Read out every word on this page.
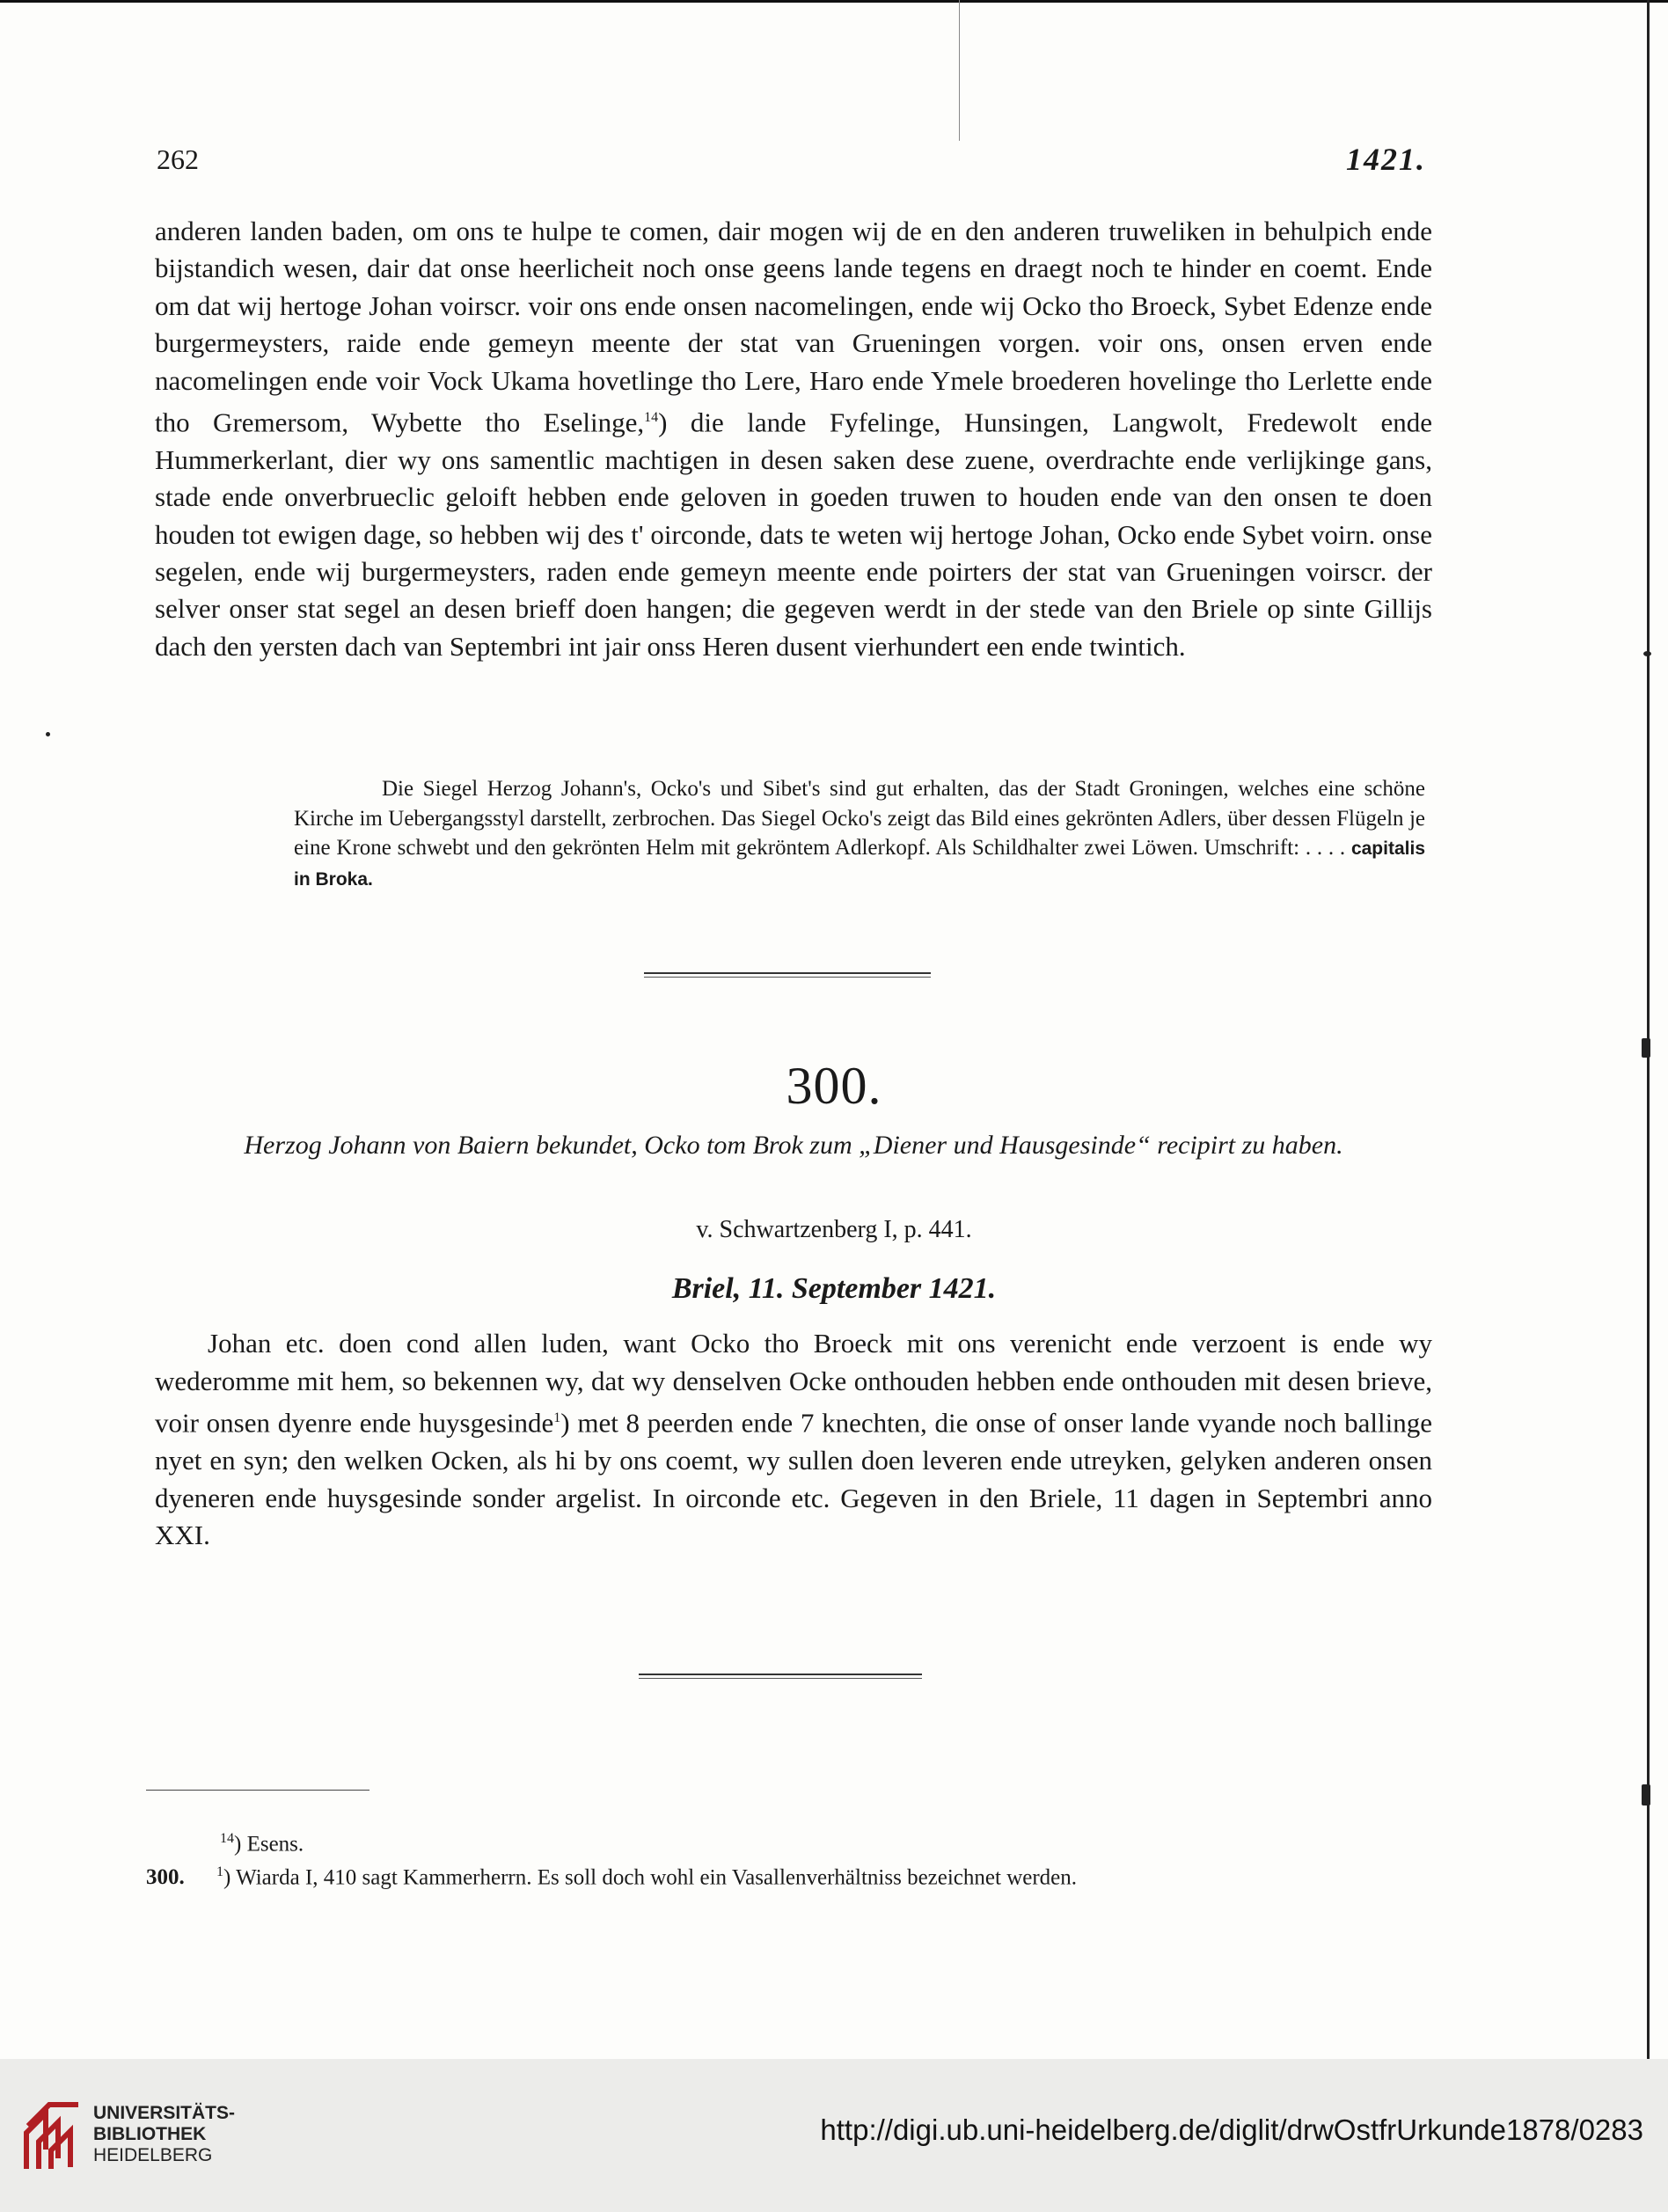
262	1421.

anderen landen baden, om ons te hulpe te comen, dair mogen wij de en den anderen truweliken in behulpich ende bijstandich wesen, dair dat onse heerlicheit noch onse geens lande tegens en draegt noch te hinder en coemt. Ende om dat wij hertoge Johan voirscr. voir ons ende onsen nacomelingen, ende wij Ocko tho Broeck, Sybet Edenze ende burgermeysters, raide ende gemeyn meente der stat van Grueningen vorgen. voir ons, onsen erven ende nacomelingen ende voir Vock Ukama hovetlinge tho Lere, Haro ende Ymele broederen hovelinge tho Lerlette ende tho Gremersom, Wybette tho Eselinge,$^{14}$) die lande Fyfelinge, Hunsingen, Langwolt, Fredewolt ende Hummerkerlant, dier wy ons samentlic machtigen in desen saken dese zuene, overdrachte ende verlijkinge gans, stade ende onverbrueclic geloift hebben ende geloven in goeden truwen to houden ende van den onsen te doen houden tot ewigen dage, so hebben wij des t' oirconde, dats te weten wij hertoge Johan, Ocko ende Sybet voirn. onse segelen, ende wij burgermeysters, raden ende gemeyn meente ende poirters der stat van Grueningen voirscr. der selver onser stat segel an desen brieff doen hangen; die gegeven werdt in der stede van den Briele op sinte Gillijs dach den yersten dach van Septembri int jair onss Heren dusent vierhundert een ende twintich.

Die Siegel Herzog Johann's, Ocko's und Sibet's sind gut erhalten, das der Stadt Groningen, welches eine schöne Kirche im Uebergangsstyl darstellt, zerbrochen. Das Siegel Ocko's zeigt das Bild eines gekrönten Adlers, über dessen Flügeln je eine Krone schwebt und den gekrönten Helm mit gekröntem Adlerkopf. Als Schildhalter zwei Löwen. Umschrift: . . . . capitalis in Broka.

300.
Herzog Johann von Baiern bekundet, Ocko tom Brok zum „Diener und Hausgesinde“ recipirt zu haben.
v. Schwartzenberg I, p. 441.
Briel, 11. September 1421.

Johan etc. doen cond allen luden, want Ocko tho Broeck mit ons verenicht ende verzoent is ende wy wederomme mit hem, so bekennen wy, dat wy denselven Ocke onthouden hebben ende onthouden mit desen brieve, voir onsen dyenre ende huysgesinde$^1$) met 8 peerden ende 7 knechten, die onse of onser lande vyande noch ballinge nyet en syn; den welken Ocken, als hi by ons coemt, wy sullen doen leveren ende utreyken, gelyken anderen onsen dyeneren ende huysgesinde sonder argelist. In oirconde etc. Gegeven in den Briele, 11 dagen in Septembri anno XXI.

$^{14}$) Esens.
300. $^1$) Wiarda I, 410 sagt Kammerherrn. Es soll doch wohl ein Vasallenverhältniss bezeichnet werden.
UNIVERSITÄTS-
BIBLIOTHEK
HEIDELBERG
http://digi.ub.uni-heidelberg.de/diglit/drwOstfrUrkunde1878/0283
